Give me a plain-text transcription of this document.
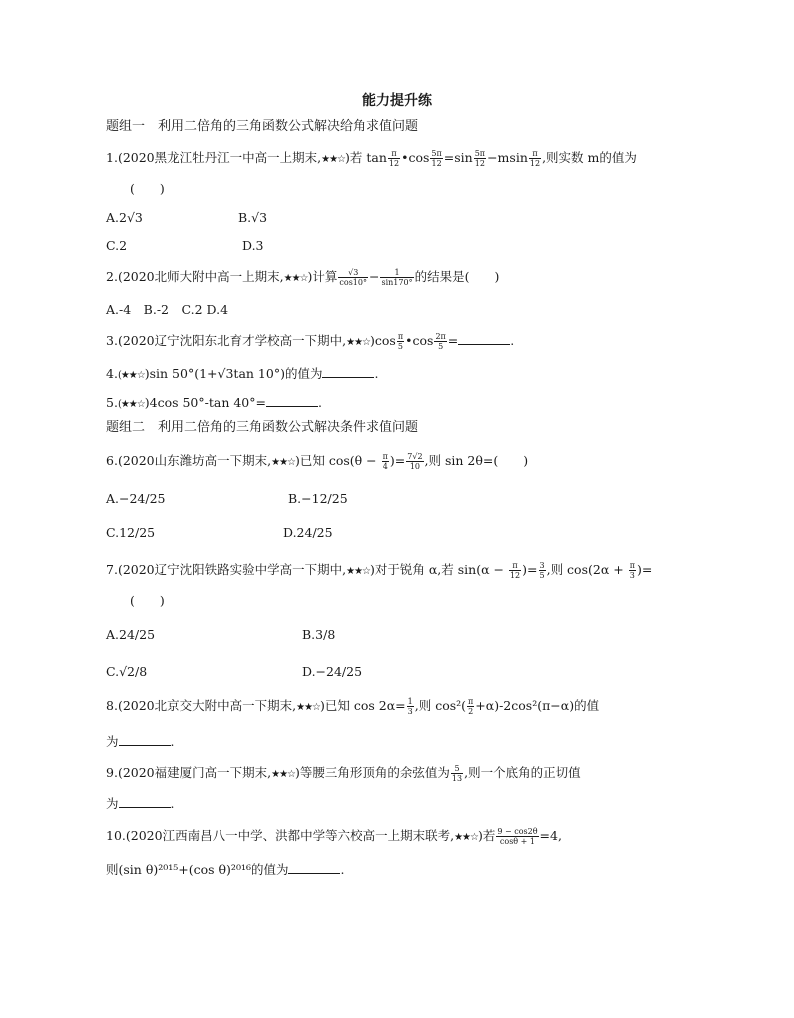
能力提升练
题组一　利用二倍角的三角函数公式解决给角求值问题
1.(2020黑龙江牡丹江一中高一上期末,★★☆)若 $\tan \frac{\pi}{12}$ •cos $\frac{5\pi}{12} =\sin \frac{5\pi}{12} -msin \frac{\pi}{12}$ ,则实数 m的值为
(　　)
A.2√3	B.√3
C.2	D.3
2.(2020北师大附中高一上期末,★★☆)计算 $\frac{√3}{\cos 10^\circ} - \frac{1}{\sin 170^\circ}$ 的结果是(　　)
A.-4　B.-2　C.2 D.4
3.(2020辽宁沈阳东北育才学校高一下期中,★★☆)cos $\frac{\pi}{5}$ •cos $\frac{2\pi}{5}$ =	.
4.(★★☆)sin 50°(1+√3tan 10°)的值为	.
5.(★★☆)4cos 50°-tan 40°=	.
题组二　利用二倍角的三角函数公式解决条件求值问题
6.(2020山东潍坊高一下期末,★★☆)已知 $\cos(\theta - \frac{\pi}{4}$ )= $\frac{7√2}{10}$ ,则 sin 2θ=(　　)
A.−24/25	B.−12/25
C.12/25	D.24/25
7.(2020辽宁沈阳铁路实验中学高一下期中,★★☆)对于锐角 α,若 $\sin(\alpha - \frac{\pi}{12}$ )= $\frac{3}{5}$ ,则 $\cos(2\alpha + \frac{\pi}{3}$ )=
(　　)
A.24/25	B.3/8
C.√2/8	D.−24/25
8.(2020北京交大附中高一下期末,★★☆)已知 $\cos 2\alpha= \frac{1}{3}$ ,则 $\cos^2( \frac{\pi}{2} +\alpha)-2\cos^2(\pi-\alpha)$的值
为	.
9.(2020福建厦门高一下期末,★★☆)等腰三角形顶角的余弦值为 $\frac{5}{13}$ ,则一个底角的正切值
为	.
10.(2020江西南昌八一中学、洪都中学等六校高一上期末联考,★★☆)若 $\frac{9 - \cos 2\theta}{\cos\theta + 1} =4$,
则(sin θ)²⁰¹⁵+(cos θ)²⁰¹⁶的值为	.
